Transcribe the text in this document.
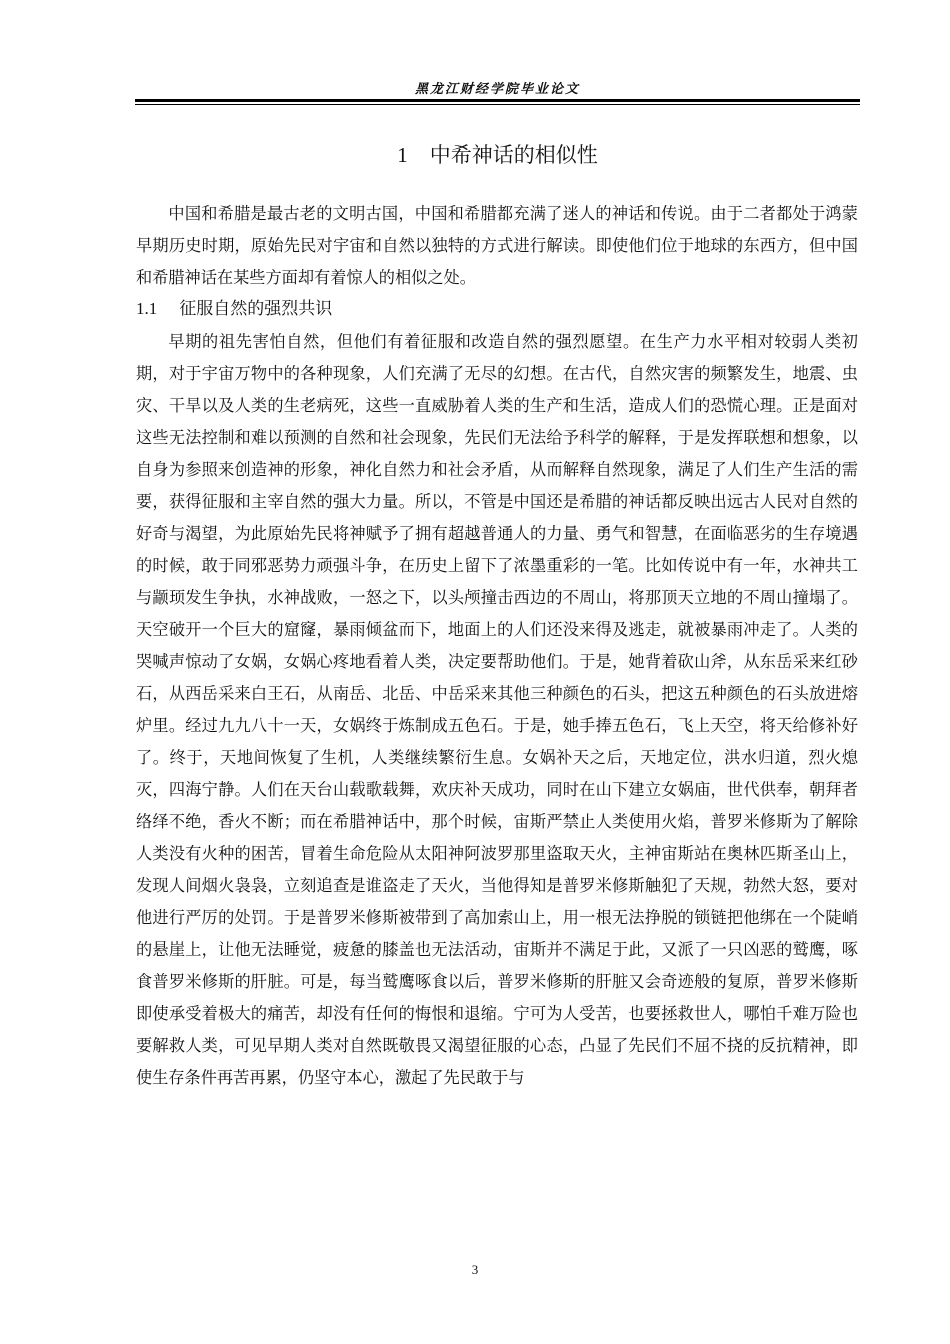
黑龙江财经学院毕业论文
1 中希神话的相似性

中国和希腊是最古老的文明古国，中国和希腊都充满了迷人的神话和传说。由于二者都处于鸿蒙早期历史时期，原始先民对宇宙和自然以独特的方式进行解读。即使他们位于地球的东西方，但中国和希腊神话在某些方面却有着惊人的相似之处。

1.1 征服自然的强烈共识

早期的祖先害怕自然，但他们有着征服和改造自然的强烈愿望。在生产力水平相对较弱人类初期，对于宇宙万物中的各种现象，人们充满了无尽的幻想。在古代，自然灾害的频繁发生，地震、虫灾、干旱以及人类的生老病死，这些一直威胁着人类的生产和生活，造成人们的恐慌心理。正是面对这些无法控制和难以预测的自然和社会现象，先民们无法给予科学的解释，于是发挥联想和想象，以自身为参照来创造神的形象，神化自然力和社会矛盾，从而解释自然现象，满足了人们生产生活的需要，获得征服和主宰自然的强大力量。所以，不管是中国还是希腊的神话都反映出远古人民对自然的好奇与渴望，为此原始先民将神赋予了拥有超越普通人的力量、勇气和智慧，在面临恶劣的生存境遇的时候，敢于同邪恶势力顽强斗争，在历史上留下了浓墨重彩的一笔。比如传说中有一年，水神共工与颛顼发生争执，水神战败，一怒之下，以头颅撞击西边的不周山，将那顶天立地的不周山撞塌了。天空破开一个巨大的窟窿，暴雨倾盆而下，地面上的人们还没来得及逃走，就被暴雨冲走了。人类的哭喊声惊动了女娲，女娲心疼地看着人类，决定要帮助他们。于是，她背着砍山斧，从东岳采来红砂石，从西岳采来白王石，从南岳、北岳、中岳采来其他三种颜色的石头，把这五种颜色的石头放进熔炉里。经过九九八十一天，女娲终于炼制成五色石。于是，她手捧五色石，飞上天空，将天给修补好了。终于，天地间恢复了生机，人类继续繁衍生息。女娲补天之后，天地定位，洪水归道，烈火熄灭，四海宁静。人们在天台山载歌载舞，欢庆补天成功，同时在山下建立女娲庙，世代供奉，朝拜者络绎不绝，香火不断；而在希腊神话中，那个时候，宙斯严禁止人类使用火焰，普罗米修斯为了解除人类没有火种的困苦，冒着生命危险从太阳神阿波罗那里盗取天火，主神宙斯站在奥林匹斯圣山上，发现人间烟火袅袅，立刻追查是谁盗走了天火，当他得知是普罗米修斯触犯了天规，勃然大怒，要对他进行严厉的处罚。于是普罗米修斯被带到了高加索山上，用一根无法挣脱的锁链把他绑在一个陡峭的悬崖上，让他无法睡觉，疲惫的膝盖也无法活动，宙斯并不满足于此，又派了一只凶恶的鹫鹰，啄食普罗米修斯的肝脏。可是，每当鹫鹰啄食以后，普罗米修斯的肝脏又会奇迹般的复原，普罗米修斯即使承受着极大的痛苦，却没有任何的悔恨和退缩。宁可为人受苦，也要拯救世人，哪怕千难万险也要解救人类，可见早期人类对自然既敬畏又渴望征服的心态，凸显了先民们不屈不挠的反抗精神，即使生存条件再苦再累，仍坚守本心，激起了先民敢于与

3
